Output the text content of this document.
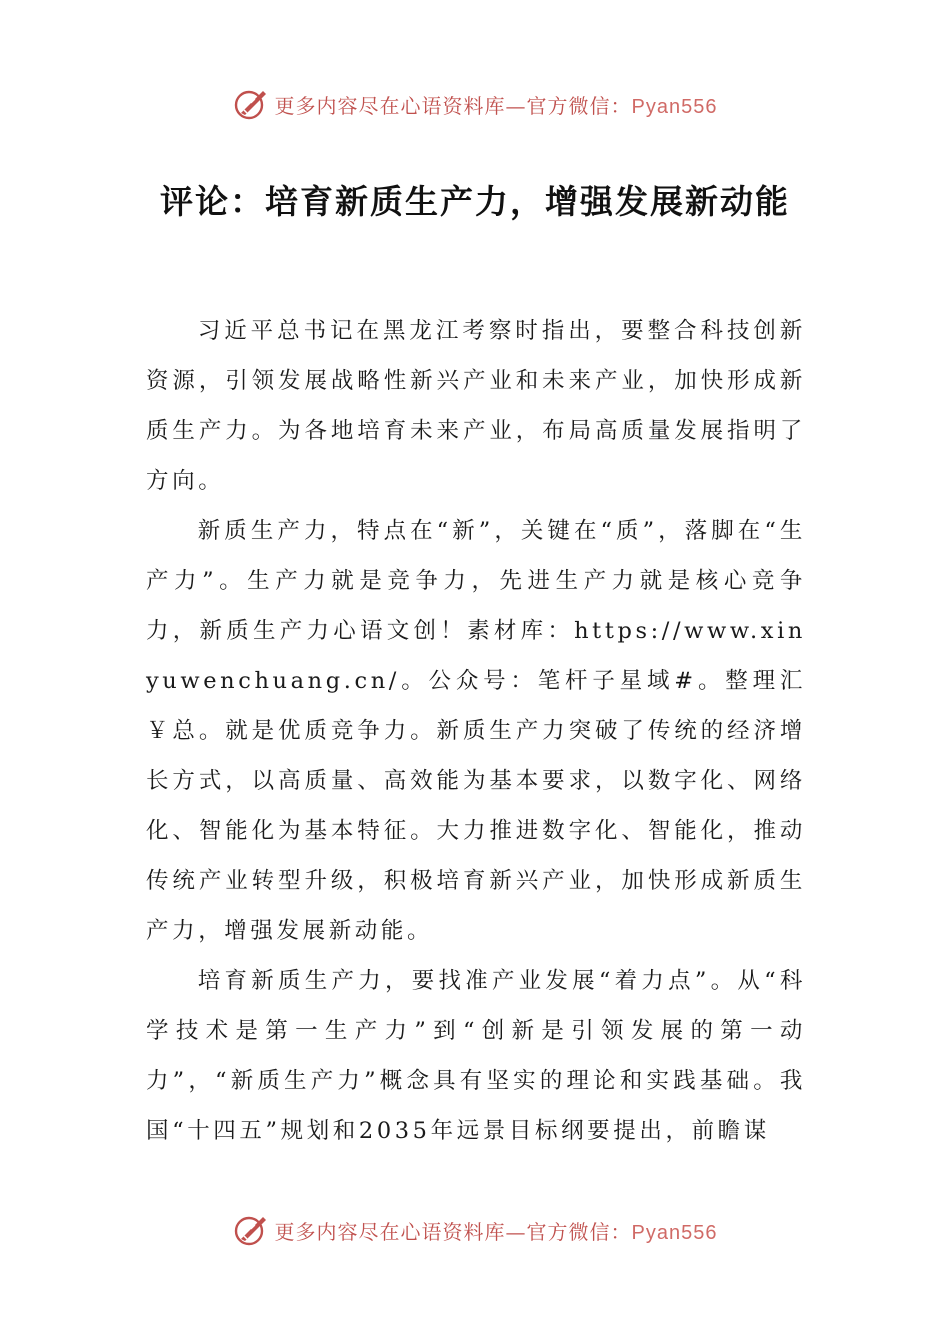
更多内容尽在心语资料库—官方微信：Pyan556
评论：培育新质生产力，增强发展新动能

习近平总书记在黑龙江考察时指出，要整合科技创新资源，引领发展战略性新兴产业和未来产业，加快形成新质生产力。为各地培育未来产业，布局高质量发展指明了方向。

新质生产力，特点在“新”，关键在“质”，落脚在“生产力”。生产力就是竞争力，先进生产力就是核心竞争力，新质生产力心语文创！素材库：https://www.xinyuwenchuang.cn/。公众号：笔杆子星域#。整理汇￥总。就是优质竞争力。新质生产力突破了传统的经济增长方式，以高质量、高效能为基本要求，以数字化、网络化、智能化为基本特征。大力推进数字化、智能化，推动传统产业转型升级，积极培育新兴产业，加快形成新质生产力，增强发展新动能。

培育新质生产力，要找准产业发展“着力点”。从“科学技术是第一生产力”到“创新是引领发展的第一动力”，“新质生产力”概念具有坚实的理论和实践基础。我国“十四五”规划和2035年远景目标纲要提出，前瞻谋

更多内容尽在心语资料库—官方微信：Pyan556
